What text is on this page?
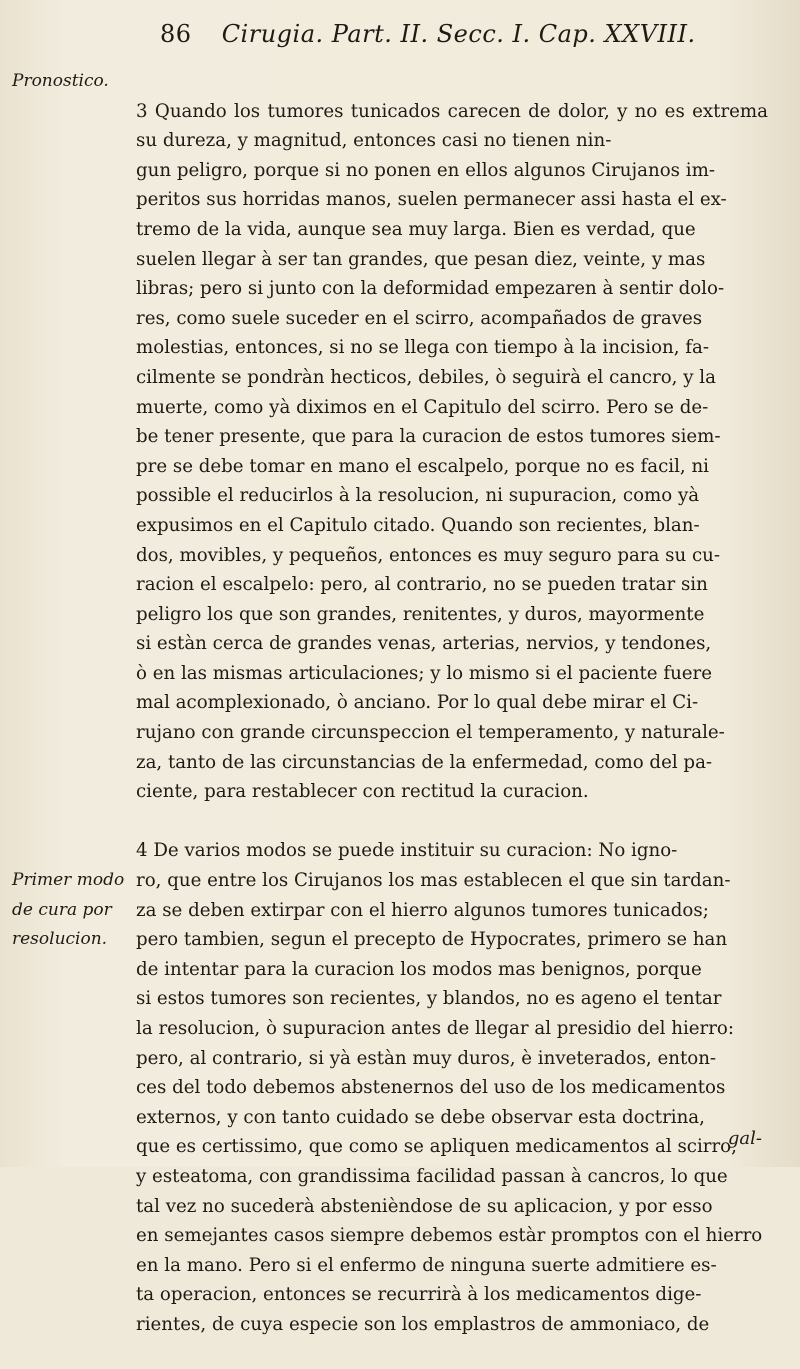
86 Cirugia. Part. II. Secc. I. Cap. XXVIII.
Pronostico.
Primer modo de cura por resolucion.

3 Quando los tumores tunicados carecen de dolor, y no es extrema su dureza, y magnitud, entonces casi no tienen nin-
gun peligro, porque si no ponen en ellos algunos Cirujanos im-
peritos sus horridas manos, suelen permanecer assi hasta el ex-
tremo de la vida, aunque sea muy larga. Bien es verdad, que
suelen llegar à ser tan grandes, que pesan diez, veinte, y mas
libras; pero si junto con la deformidad empezaren à sentir dolo-
res, como suele suceder en el scirro, acompañados de graves
molestias, entonces, si no se llega con tiempo à la incision, fa-
cilmente se pondràn hecticos, debiles, ò seguirà el cancro, y la
muerte, como yà diximos en el Capitulo del scirro. Pero se de-
be tener presente, que para la curacion de estos tumores siem-
pre se debe tomar en mano el escalpelo, porque no es facil, ni
possible el reducirlos à la resolucion, ni supuracion, como yà
expusimos en el Capitulo citado. Quando son recientes, blan-
dos, movibles, y pequeños, entonces es muy seguro para su cu-
racion el escalpelo: pero, al contrario, no se pueden tratar sin
peligro los que son grandes, renitentes, y duros, mayormente
si estàn cerca de grandes venas, arterias, nervios, y tendones,
ò en las mismas articulaciones; y lo mismo si el paciente fuere
mal acomplexionado, ò anciano. Por lo qual debe mirar el Ci-
rujano con grande circunspeccion el temperamento, y naturale-
za, tanto de las circunstancias de la enfermedad, como del pa-
ciente, para restablecer con rectitud la curacion.

4 De varios modos se puede instituir su curacion: No igno-
ro, que entre los Cirujanos los mas establecen el que sin tardan-
za se deben extirpar con el hierro algunos tumores tunicados;
pero tambien, segun el precepto de Hypocrates, primero se han
de intentar para la curacion los modos mas benignos, porque
si estos tumores son recientes, y blandos, no es ageno el tentar
la resolucion, ò supuracion antes de llegar al presidio del hierro:
pero, al contrario, si yà estàn muy duros, è inveterados, enton-
ces del todo debemos abstenernos del uso de los medicamentos
externos, y con tanto cuidado se debe observar esta doctrina,
que es certissimo, que como se apliquen medicamentos al scirro,
y esteatoma, con grandissima facilidad passan à cancros, lo que
tal vez no sucederà abstenièndose de su aplicacion, y por esso
en semejantes casos siempre debemos estàr promptos con el hierro
en la mano. Pero si el enfermo de ninguna suerte admitiere es-
ta operacion, entonces se recurrirà à los medicamentos dige-
rientes, de cuya especie son los emplastros de ammoniaco, de

gal-
